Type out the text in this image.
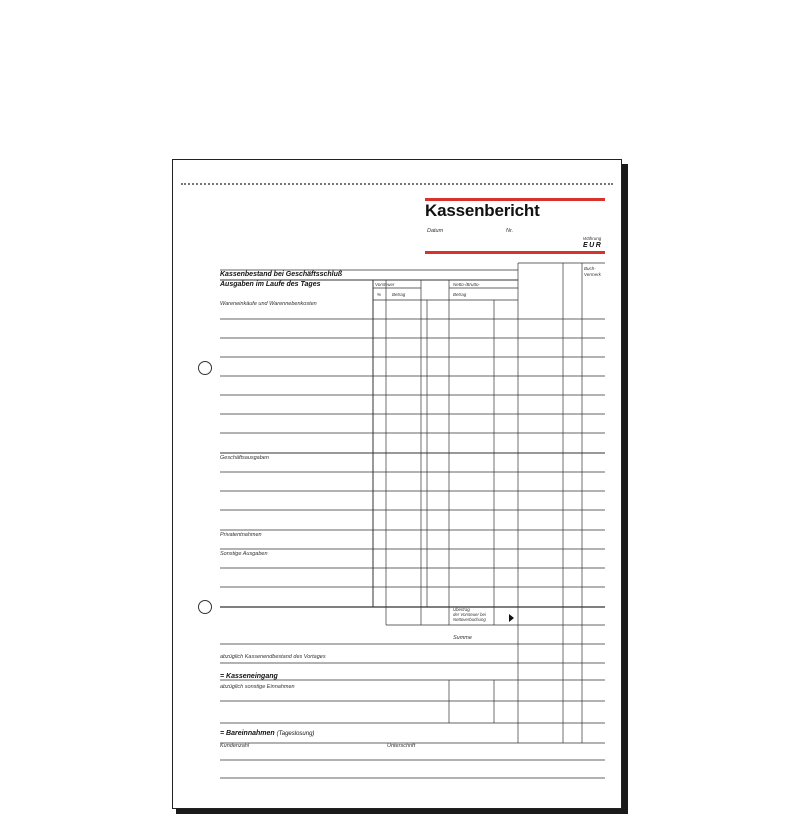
Kassenbericht
Datum	Nr.
Währung
EUR
Buch-
Vermerk
Kassenbestand bei Geschäftsschluß
Ausgaben im Laufe des Tages
Wareneinkäufe und Warennebenkosten
Geschäftsausgaben
Privatentnahmen
Sonstige Ausgaben
Vorsteuer
% Betrag
Netto-/Brutto-
Betrag
Übertrag
der Vorsteuer bei
Nettoverbuchung
Summe
abzüglich Kassenendbestand des Vortages
= Kasseneingang
abzüglich sonstige Einnahmen
= Bareinnahmen (Tageslosung)
Kundenzahl	Unterschrift
